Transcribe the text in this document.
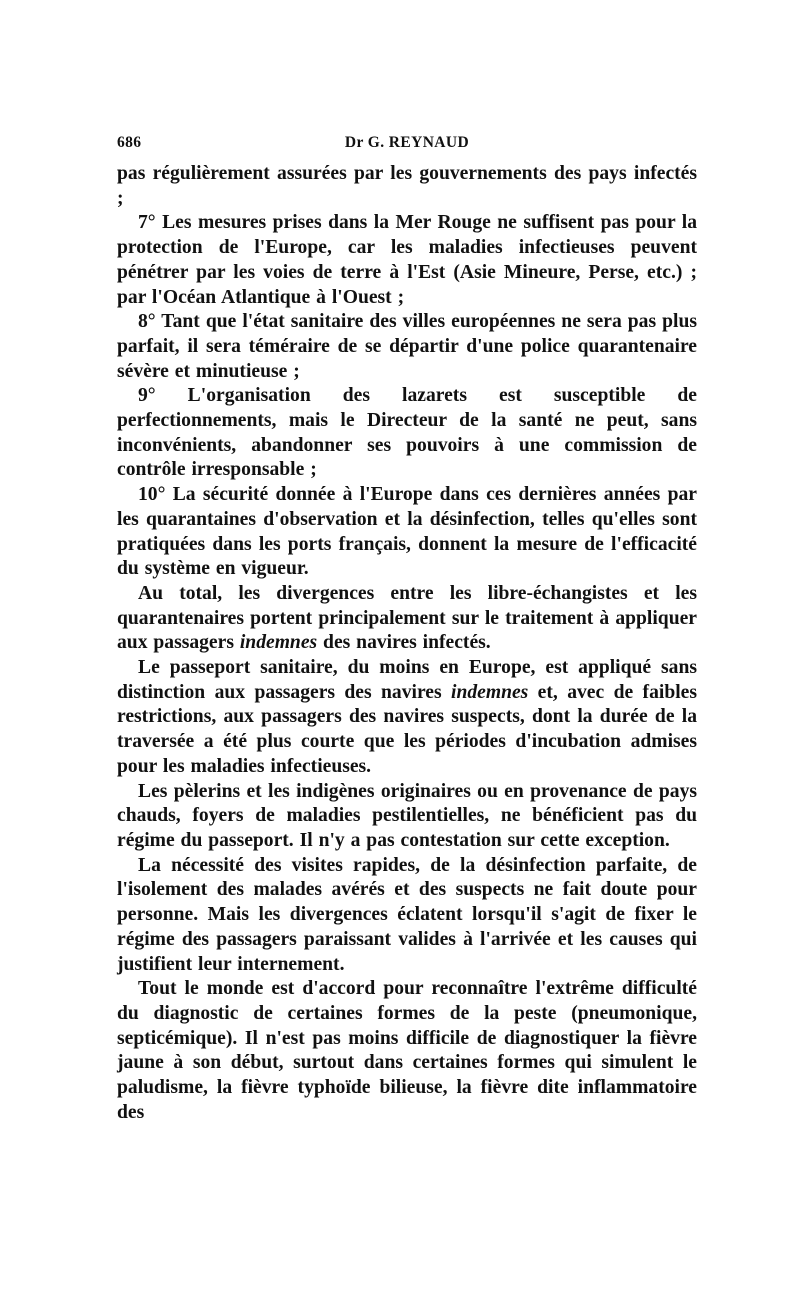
686	Dr G. REYNAUD

pas régulièrement assurées par les gouvernements des pays infectés ;

7° Les mesures prises dans la Mer Rouge ne suffisent pas pour la protection de l'Europe, car les maladies infectieuses peuvent pénétrer par les voies de terre à l'Est (Asie Mineure, Perse, etc.) ; par l'Océan Atlantique à l'Ouest ;

8° Tant que l'état sanitaire des villes européennes ne sera pas plus parfait, il sera téméraire de se départir d'une police quarantenaire sévère et minutieuse ;

9° L'organisation des lazarets est susceptible de perfectionnements, mais le Directeur de la santé ne peut, sans inconvénients, abandonner ses pouvoirs à une commission de contrôle irresponsable ;

10° La sécurité donnée à l'Europe dans ces dernières années par les quarantaines d'observation et la désinfection, telles qu'elles sont pratiquées dans les ports français, donnent la mesure de l'efficacité du système en vigueur.

Au total, les divergences entre les libre-échangistes et les quarantenaires portent principalement sur le traitement à appliquer aux passagers indemnes des navires infectés.

Le passeport sanitaire, du moins en Europe, est appliqué sans distinction aux passagers des navires indemnes et, avec de faibles restrictions, aux passagers des navires suspects, dont la durée de la traversée a été plus courte que les périodes d'incubation admises pour les maladies infectieuses.

Les pèlerins et les indigènes originaires ou en provenance de pays chauds, foyers de maladies pestilentielles, ne bénéficient pas du régime du passeport. Il n'y a pas contestation sur cette exception.

La nécessité des visites rapides, de la désinfection parfaite, de l'isolement des malades avérés et des suspects ne fait doute pour personne. Mais les divergences éclatent lorsqu'il s'agit de fixer le régime des passagers paraissant valides à l'arrivée et les causes qui justifient leur internement.

Tout le monde est d'accord pour reconnaître l'extrême difficulté du diagnostic de certaines formes de la peste (pneumonique, septicémique). Il n'est pas moins difficile de diagnostiquer la fièvre jaune à son début, surtout dans certaines formes qui simulent le paludisme, la fièvre typhoïde bilieuse, la fièvre dite inflammatoire des
